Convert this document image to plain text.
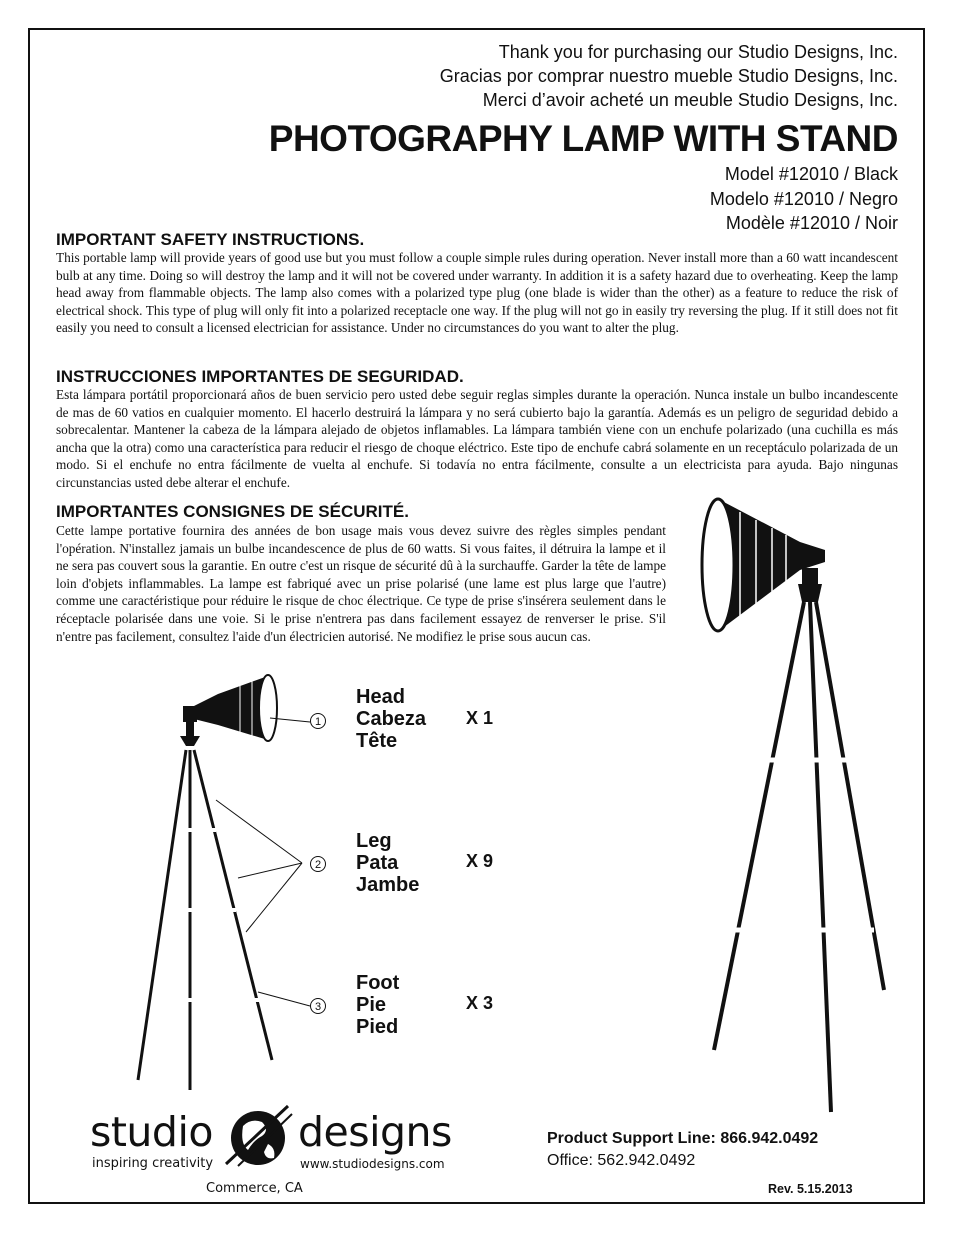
Thank you for purchasing our Studio Designs, Inc.
Gracias por comprar nuestro mueble Studio Designs, Inc.
Merci d’avoir acheté un meuble Studio Designs, Inc.
PHOTOGRAPHY LAMP WITH STAND
Model #12010 / Black
Modelo #12010 / Negro
Modèle #12010 / Noir
IMPORTANT SAFETY INSTRUCTIONS.
This portable lamp will provide years of good use but you must follow a couple simple rules during operation. Never install more than a 60 watt incandescent bulb at any time. Doing so will destroy the lamp and it will not be covered under warranty. In addition it is a safety hazard due to overheating. Keep the lamp head away from flammable objects. The lamp also comes with a polarized type plug (one blade is wider than the other) as a feature to reduce the risk of electrical shock. This type of plug will only fit into a polarized receptacle one way. If the plug will not go in easily try reversing the plug. If it still does not fit easily you need to consult a licensed electrician for assistance. Under no circumstances do you want to alter the plug.
INSTRUCCIONES IMPORTANTES DE SEGURIDAD.
Esta lámpara portátil proporcionará años de buen servicio pero usted debe seguir reglas simples durante la operación. Nunca instale un bulbo incandescente de mas de 60 vatios en cualquier momento. El hacerlo destruirá la lámpara y no será cubierto bajo la garantía. Además es un peligro de seguridad debido a sobrecalentar. Mantener la cabeza de la lámpara alejado de objetos inflamables. La lámpara también viene con un enchufe polarizado (una cuchilla es más ancha que la otra) como una característica para reducir el riesgo de choque eléctrico. Este tipo de enchufe cabrá solamente en un receptáculo polarizada de un modo. Si el enchufe no entra fácilmente de vuelta al enchufe. Si todavía no entra fácilmente, consulte a un electricista para ayuda. Bajo ningunas circunstancias usted debe alterar el enchufe.
IMPORTANTES CONSIGNES DE SÉCURITÉ.
Cette lampe portative fournira des années de bon usage mais vous devez suivre des règles simples pendant l'opération. N'installez jamais un bulbe incandescence de plus de 60 watts. Si vous faites, il détruira la lampe et il ne sera pas couvert sous la garantie. En outre c'est un risque de sécurité dû à la surchauffe. Garder la tête de lampe loin d'objets inflammables. La lampe est fabriqué avec un prise polarisé (une lame est plus large que l'autre) comme une caractéristique pour réduire le risque de choc électrique. Ce type de prise s'insérera seulement dans le réceptacle polarisée dans une voie. Si le prise n'entrera pas dans facilement essayez de renverser le prise. S'il n'entre pas facilement, consultez l'aide d'un électricien autorisé. Ne modifiez le prise sous aucun cas.
1
2
3
Head
Cabeza
Tête
X 1
Leg
Pata
Jambe
X 9
Foot
Pie
Pied
X 3
studio designs
inspiring creativity	www.studiodesigns.com
Commerce, CA
Product Support Line: 866.942.0492
Office: 562.942.0492
Rev. 5.15.2013
